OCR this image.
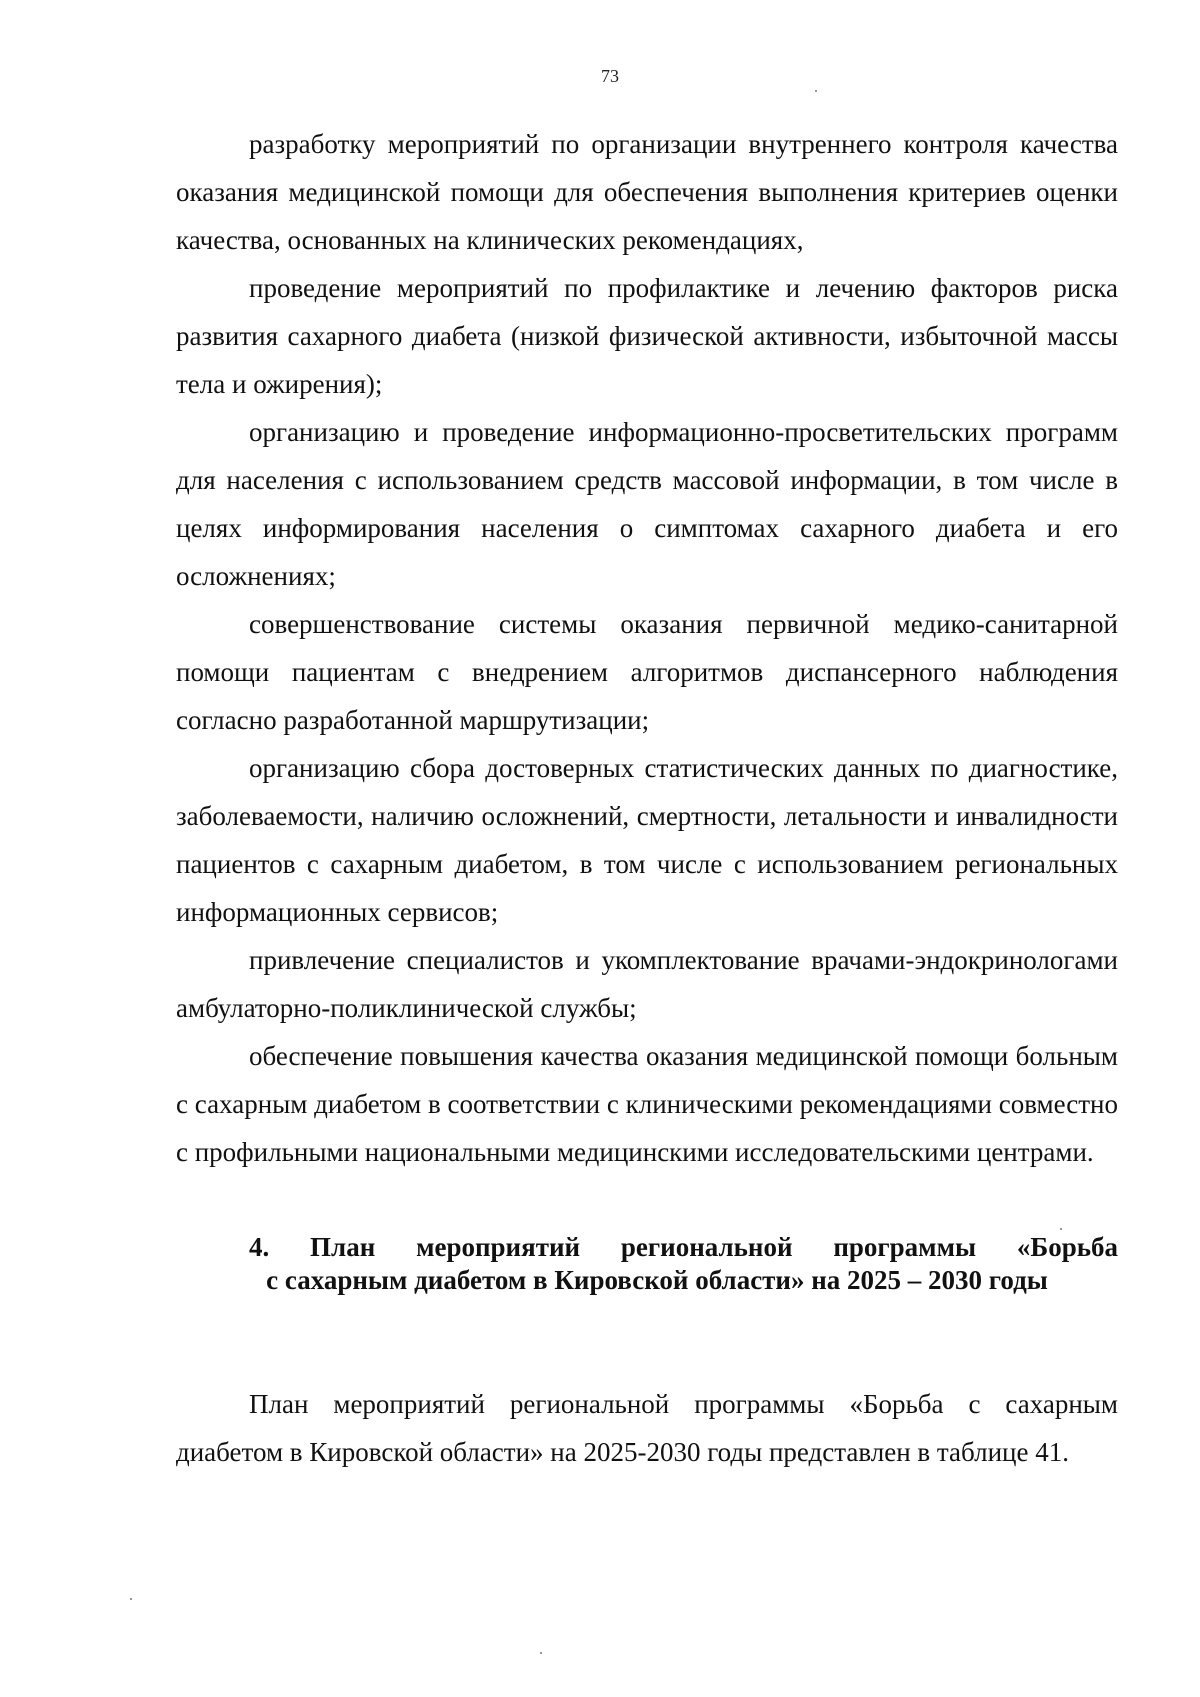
73

разработку мероприятий по организации внутреннего контроля качества оказания медицинской помощи для обеспечения выполнения критериев оценки качества, основанных на клинических рекомендациях,

проведение мероприятий по профилактике и лечению факторов риска развития сахарного диабета (низкой физической активности, избыточной массы тела и ожирения);

организацию и проведение информационно-просветительских программ для населения с использованием средств массовой информации, в том числе в целях информирования населения о симптомах сахарного диабета и его осложнениях;

совершенствование системы оказания первичной медико-санитарной помощи пациентам с внедрением алгоритмов диспансерного наблюдения согласно разработанной маршрутизации;

организацию сбора достоверных статистических данных по диагностике, заболеваемости, наличию осложнений, смертности, летальности и инвалидности пациентов с сахарным диабетом, в том числе с использованием региональных информационных сервисов;

привлечение специалистов и укомплектование врачами-эндокринологами амбулаторно-поликлинической службы;

обеспечение повышения качества оказания медицинской помощи больным с сахарным диабетом в соответствии с клиническими рекомендациями совместно с профильными национальными медицинскими исследовательскими центрами.

4. План мероприятий региональной программы «Борьба
с сахарным диабетом в Кировской области» на 2025 – 2030 годы

План мероприятий региональной программы «Борьба с сахарным диабетом в Кировской области» на 2025-2030 годы представлен в таблице 41.
